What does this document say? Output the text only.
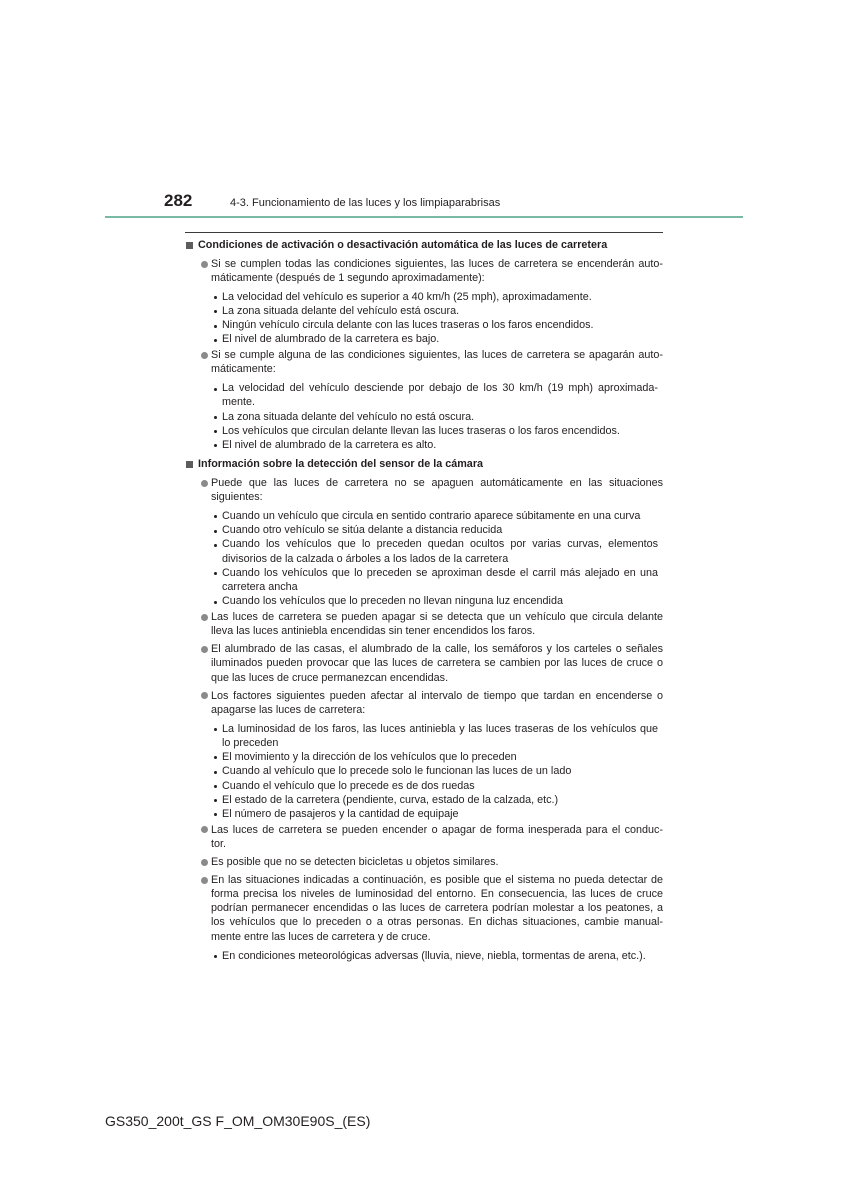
282	4-3. Funcionamiento de las luces y los limpiaparabrisas
Condiciones de activación o desactivación automática de las luces de carretera
Si se cumplen todas las condiciones siguientes, las luces de carretera se encenderán auto-
máticamente (después de 1 segundo aproximadamente):
La velocidad del vehículo es superior a 40 km/h (25 mph), aproximadamente.
La zona situada delante del vehículo está oscura.
Ningún vehículo circula delante con las luces traseras o los faros encendidos.
El nivel de alumbrado de la carretera es bajo.
Si se cumple alguna de las condiciones siguientes, las luces de carretera se apagarán auto-
máticamente:
La velocidad del vehículo desciende por debajo de los 30 km/h (19 mph) aproximada-
mente.
La zona situada delante del vehículo no está oscura.
Los vehículos que circulan delante llevan las luces traseras o los faros encendidos.
El nivel de alumbrado de la carretera es alto.
Información sobre la detección del sensor de la cámara
Puede que las luces de carretera no se apaguen automáticamente en las situaciones
siguientes:
Cuando un vehículo que circula en sentido contrario aparece súbitamente en una curva
Cuando otro vehículo se sitúa delante a distancia reducida
Cuando los vehículos que lo preceden quedan ocultos por varias curvas, elementos
divisorios de la calzada o árboles a los lados de la carretera
Cuando los vehículos que lo preceden se aproximan desde el carril más alejado en una
carretera ancha
Cuando los vehículos que lo preceden no llevan ninguna luz encendida
Las luces de carretera se pueden apagar si se detecta que un vehículo que circula delante
lleva las luces antiniebla encendidas sin tener encendidos los faros.
El alumbrado de las casas, el alumbrado de la calle, los semáforos y los carteles o señales
iluminados pueden provocar que las luces de carretera se cambien por las luces de cruce o
que las luces de cruce permanezcan encendidas.
Los factores siguientes pueden afectar al intervalo de tiempo que tardan en encenderse o
apagarse las luces de carretera:
La luminosidad de los faros, las luces antiniebla y las luces traseras de los vehículos que
lo preceden
El movimiento y la dirección de los vehículos que lo preceden
Cuando al vehículo que lo precede solo le funcionan las luces de un lado
Cuando el vehículo que lo precede es de dos ruedas
El estado de la carretera (pendiente, curva, estado de la calzada, etc.)
El número de pasajeros y la cantidad de equipaje
Las luces de carretera se pueden encender o apagar de forma inesperada para el conduc-
tor.
Es posible que no se detecten bicicletas u objetos similares.
En las situaciones indicadas a continuación, es posible que el sistema no pueda detectar de
forma precisa los niveles de luminosidad del entorno. En consecuencia, las luces de cruce
podrían permanecer encendidas o las luces de carretera podrían molestar a los peatones, a
los vehículos que lo preceden o a otras personas. En dichas situaciones, cambie manual-
mente entre las luces de carretera y de cruce.
En condiciones meteorológicas adversas (lluvia, nieve, niebla, tormentas de arena, etc.).
GS350_200t_GS F_OM_OM30E90S_(ES)
